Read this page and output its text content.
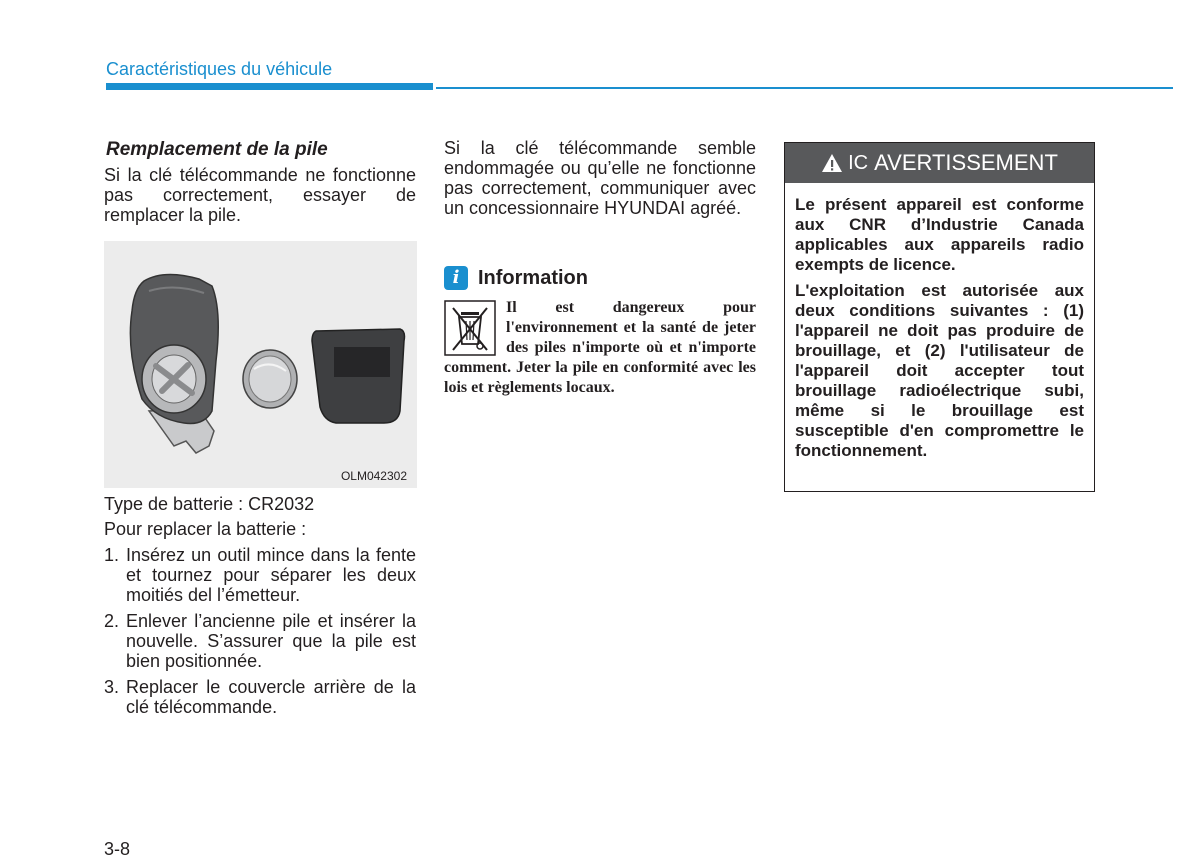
Caractéristiques du véhicule
Remplacement de la pile
Si la clé télécommande ne fonctionne pas correctement, essayer de remplacer la pile.
OLM042302
Type de batterie : CR2032
Pour replacer la batterie :
1. Insérez un outil mince dans la fente et tournez pour séparer les deux moitiés del l’émetteur.
2. Enlever l’ancienne pile et insérer la nouvelle. S’assurer que la pile est bien positionnée.
3. Replacer le couvercle arrière de la clé télécommande.
Si la clé télécommande semble endommagée ou qu’elle ne fonctionne pas correctement, communiquer avec un concessionnaire HYUNDAI agréé.
i Information
Il est dangereux pour l'environnement et la santé de jeter des piles n'importe où et n'importe comment. Jeter la pile en conformité avec les lois et règlements locaux.
IC AVERTISSEMENT
Le présent appareil est conforme aux CNR d’Industrie Canada applicables aux appareils radio exempts de licence.
L'exploitation est autorisée aux deux conditions suivantes : (1) l'appareil ne doit pas produire de brouillage, et (2) l'utilisateur de l'appareil doit accepter tout brouillage radioélectrique subi, même si le brouillage est susceptible d'en compromettre le fonctionnement.
3-8
